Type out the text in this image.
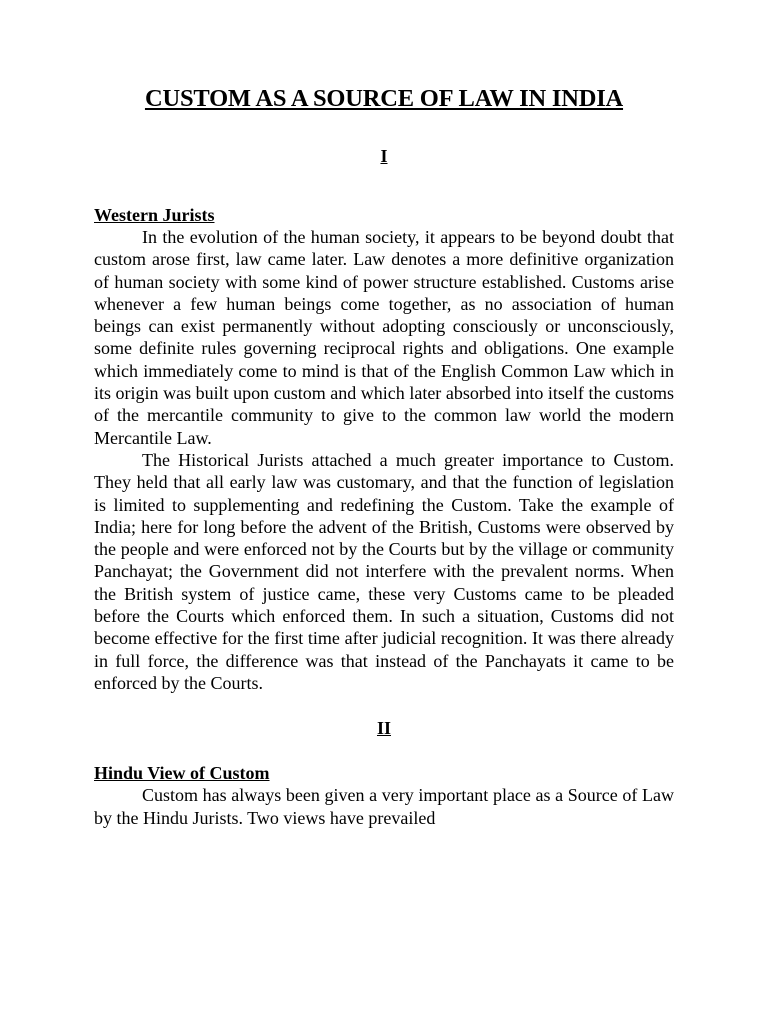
CUSTOM AS A SOURCE OF LAW IN INDIA

I

Western Jurists

In the evolution of the human society, it appears to be beyond doubt that custom arose first, law came later. Law denotes a more definitive organization of human society with some kind of power structure established. Customs arise whenever a few human beings come together, as no association of human beings can exist permanently without adopting consciously or unconsciously, some definite rules governing reciprocal rights and obligations. One example which immediately come to mind is that of the English Common Law which in its origin was built upon custom and which later absorbed into itself the customs of the mercantile community to give to the common law world the modern Mercantile Law.

The Historical Jurists attached a much greater importance to Custom. They held that all early law was customary, and that the function of legislation is limited to supplementing and redefining the Custom. Take the example of India; here for long before the advent of the British, Customs were observed by the people and were enforced not by the Courts but by the village or community Panchayat; the Government did not interfere with the prevalent norms. When the British system of justice came, these very Customs came to be pleaded before the Courts which enforced them. In such a situation, Customs did not become effective for the first time after judicial recognition. It was there already in full force, the difference was that instead of the Panchayats it came to be enforced by the Courts.

II

Hindu View of Custom

Custom has always been given a very important place as a Source of Law by the Hindu Jurists. Two views have prevailed
